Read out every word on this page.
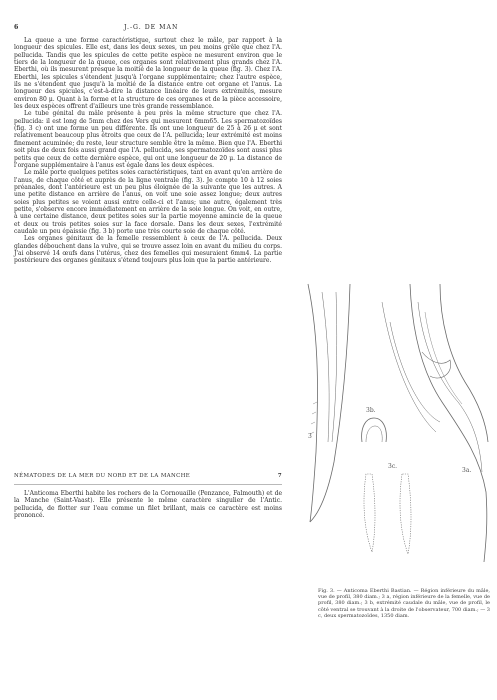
6	J.-G. DE MAN

La queue a une forme caractéristique, surtout chez le mâle, par rapport à la longueur des spicules. Elle est, dans les deux sexes, un peu moins grêle que chez l'A. pellucida. Tandis que les spicules de cette petite espèce ne mesurent environ que le tiers de la longueur de la queue, ces organes sont relativement plus grands chez l'A. Eberthi, où ils mesurent presque la moitié de la longueur de la queue (fig. 3). Chez l'A. Eberthi, les spicules s'étendent jusqu'à l'organe supplémentaire; chez l'autre espèce, ils ne s'étendent que jusqu'à la moitié de la distance entre cet organe et l'anus. La longueur des spicules, c'est-à-dire la distance linéaire de leurs extrémités, mesure environ 80 μ. Quant à la forme et la structure de ces organes et de la pièce accessoire, les deux espèces offrent d'ailleurs une très grande ressemblance.

Le tube génital du mâle présente à peu près la même structure que chez l'A. pellucida: il est long de 5mm chez des Vers qui mesurent 6mm65. Les spermatozoïdes (fig. 3 c) ont une forme un peu différente. Ils ont une longueur de 25 à 26 μ et sont relativement beaucoup plus étroits que ceux de l'A. pellucida; leur extrémité est moins finement acuminée; du reste, leur structure semble être la même. Bien que l'A. Eberthi soit plus de deux fois aussi grand que l'A. pellucida, ses spermatozoïdes sont aussi plus petits que ceux de cette dernière espèce, qui ont une longueur de 20 μ. La distance de l'organe supplémentaire à l'anus est égale dans les deux espèces.

Le mâle porte quelques petites soies caractéristiques, tant en avant qu'en arrière de l'anus, de chaque côté et auprès de la ligne ventrale (fig. 3). Je compte 10 à 12 soies préanales, dont l'antérieure est un peu plus éloignée de la suivante que les autres. A une petite distance en arrière de l'anus, on voit une soie assez longue; deux autres soies plus petites se voient aussi entre celle-ci et l'anus; une autre, également très petite, s'observe encore immédiatement en arrière de la soie longue. On voit, en outre, à une certaine distance, deux petites soies sur la partie moyenne amincie de la queue et deux ou trois petites soies sur la face dorsale. Dans les deux sexes, l'extrémité caudale un peu épaissie (fig. 3 b) porte une très courte soie de chaque côté.

Les organes génitaux de la femelle ressemblent à ceux de l'A. pellucida. Deux glandes débouchent dans la vulve, qui se trouve assez loin en avant du milieu du corps. J'ai observé 14 œufs dans l'utérus, chez des femelles qui mesuraient 6mm4. La partie postérieure des organes génitaux s'étend toujours plus loin que la partie antérieure.

NÉMATODES DE LA MER DU NORD ET DE LA MANCHE	7

L'Anticoma Eberthi habite les rochers de la Cornouaille (Penzance, Falmouth) et de la Manche (Saint-Vaast). Elle présente le même caractère singulier de l'Antic. pellucida, de flotter sur l'eau comme un filet brillant, mais ce caractère est moins prononcé.

3
3b.
3c.
3a.
Fig. 3. — Anticoma Eberthi Bastian. — Région inférieure du mâle, vue de profil, 380 diam.; 3 a, région inférieure de la femelle, vue de profil, 380 diam.; 3 b, extrémité caudale du mâle, vue de profil, le côté ventral se trouvant à la droite de l'observateur, 700 diam.; — 3 c, deux spermatozoïdes, 1350 diam.
